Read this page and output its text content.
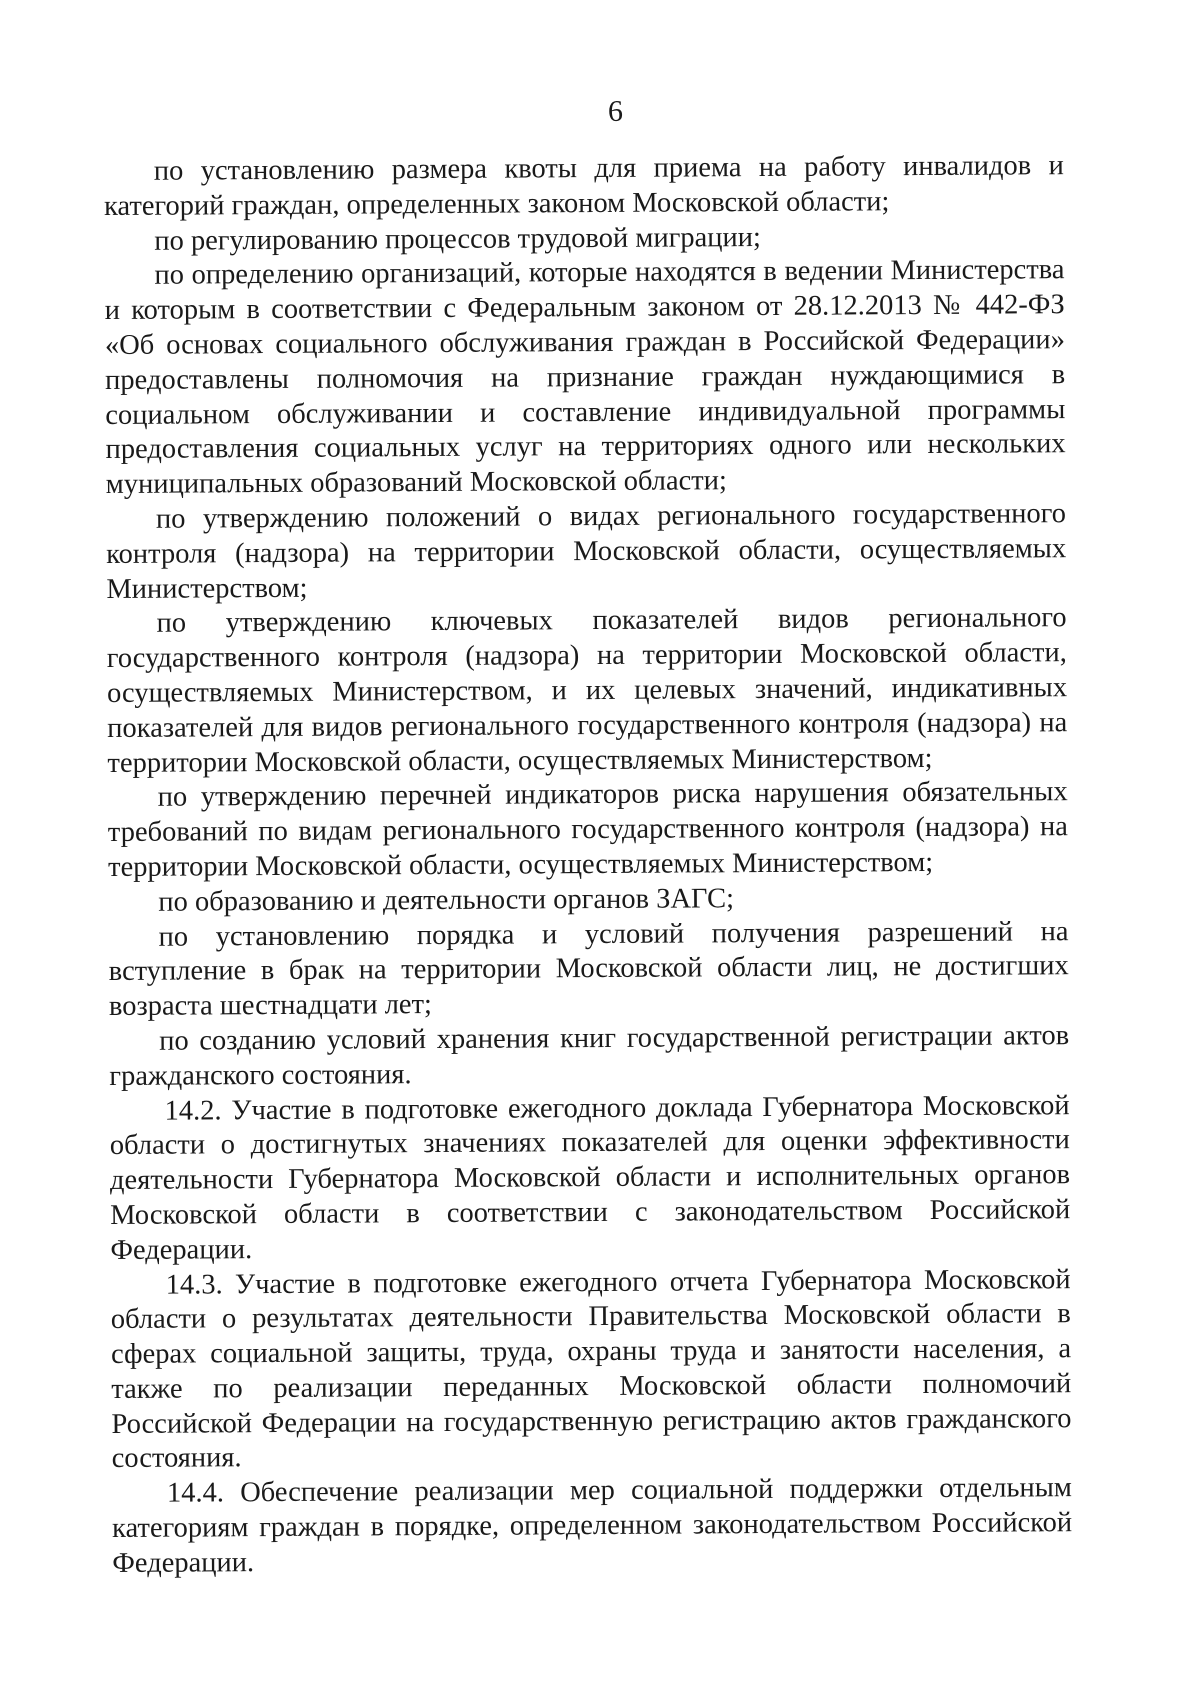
6

по установлению размера квоты для приема на работу инвалидов и категорий граждан, определенных законом Московской области;

по регулированию процессов трудовой миграции;

по определению организаций, которые находятся в ведении Министерства и которым в соответствии с Федеральным законом от 28.12.2013 № 442-ФЗ «Об основах социального обслуживания граждан в Российской Федерации» предоставлены полномочия на признание граждан нуждающимися в социальном обслуживании и составление индивидуальной программы предоставления социальных услуг на территориях одного или нескольких муниципальных образований Московской области;

по утверждению положений о видах регионального государственного контроля (надзора) на территории Московской области, осуществляемых Министерством;

по утверждению ключевых показателей видов регионального государственного контроля (надзора) на территории Московской области, осуществляемых Министерством, и их целевых значений, индикативных показателей для видов регионального государственного контроля (надзора) на территории Московской области, осуществляемых Министерством;

по утверждению перечней индикаторов риска нарушения обязательных требований по видам регионального государственного контроля (надзора) на территории Московской области, осуществляемых Министерством;

по образованию и деятельности органов ЗАГС;

по установлению порядка и условий получения разрешений на вступление в брак на территории Московской области лиц, не достигших возраста шестнадцати лет;

по созданию условий хранения книг государственной регистрации актов гражданского состояния.

14.2. Участие в подготовке ежегодного доклада Губернатора Московской области о достигнутых значениях показателей для оценки эффективности деятельности Губернатора Московской области и исполнительных органов Московской области в соответствии с законодательством Российской Федерации.

14.3. Участие в подготовке ежегодного отчета Губернатора Московской области о результатах деятельности Правительства Московской области в сферах социальной защиты, труда, охраны труда и занятости населения, а также по реализации переданных Московской области полномочий Российской Федерации на государственную регистрацию актов гражданского состояния.

14.4. Обеспечение реализации мер социальной поддержки отдельным категориям граждан в порядке, определенном законодательством Российской Федерации.
